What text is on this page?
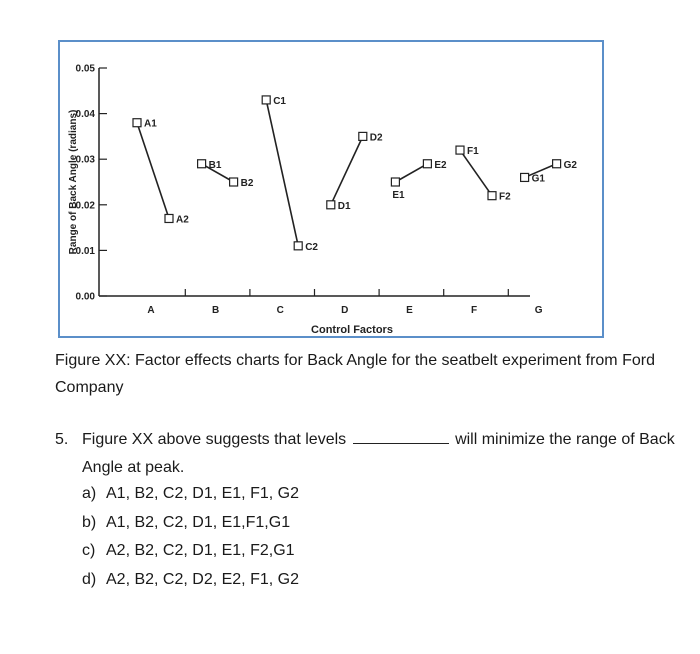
0.00
0.01
0.02
0.03
0.04
0.05
Range of Back Angle (radians)
A	B	C	D	E	F	G
Control Factors
A1
A2
B1
B2
C1
C2
D1
D2
E1
E2
F1
F2
G1
G2
Figure XX: Factor effects charts for Back Angle for the seatbelt experiment from Ford Company
5. Figure XX above suggests that levels	will minimize the range of Back Angle at peak.
a) A1, B2, C2, D1, E1, F1, G2
b) A1, B2, C2, D1, E1,F1,G1
c) A2, B2, C2, D1, E1, F2,G1
d) A2, B2, C2, D2, E2, F1, G2
